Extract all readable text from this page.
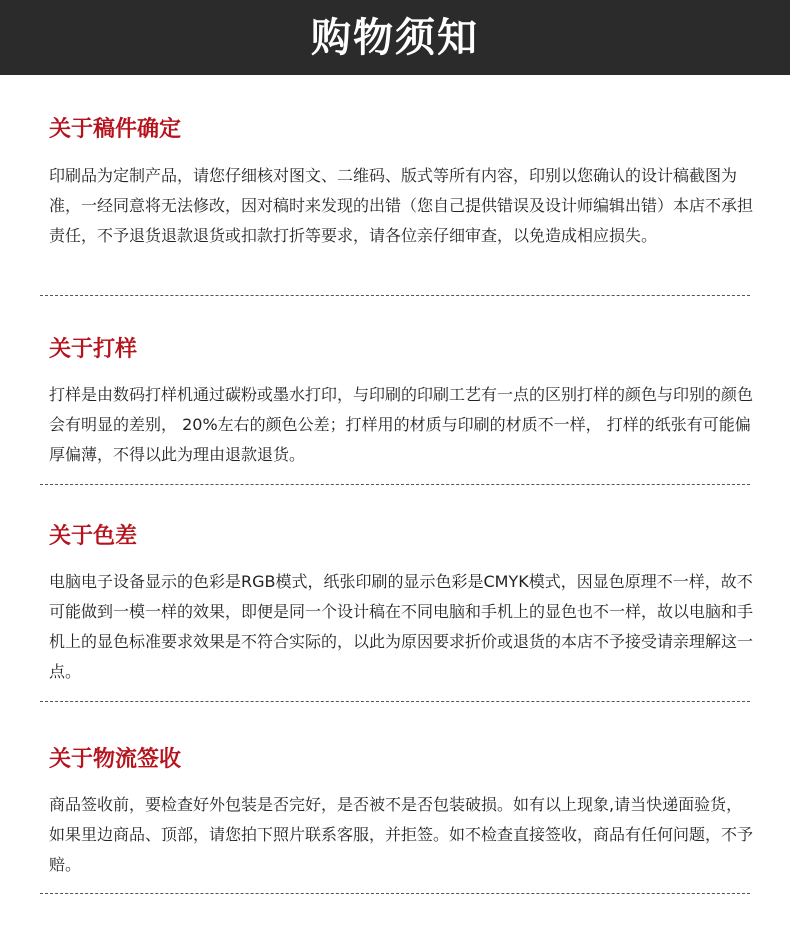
购物须知
关于稿件确定

印刷品为定制产品，请您仔细核对图文、二维码、版式等所有内容，印别以您确认的设计稿截图为准，一经同意将无法修改，因对稿时来发现的出错（您自己提供错误及设计师编辑出错）本店不承担责任，不予退货退款退货或扣款打折等要求，请各位亲仔细审查，以免造成相应损失。

关于打样

打样是由数码打样机通过碳粉或墨水打印，与印刷的印刷工艺有一点的区别打样的颜色与印别的颜色会有明显的差别， 20%左右的颜色公差；打样用的材质与印刷的材质不一样， 打样的纸张有可能偏厚偏薄，不得以此为理由退款退货。

关于色差

电脑电子设备显示的色彩是RGB模式，纸张印刷的显示色彩是CMYK模式，因显色原理不一样，故不可能做到一模一样的效果，即便是同一个设计稿在不同电脑和手机上的显色也不一样，故以电脑和手机上的显色标准要求效果是不符合实际的，以此为原因要求折价或退货的本店不予接受请亲理解这一点。

关于物流签收

商品签收前，要检查好外包装是否完好，是否被不是否包装破损。如有以上现象,请当快递面验货，如果里边商品、顶部，请您拍下照片联系客服，并拒签。如不检查直接签收，商品有任何问题，不予赔。
